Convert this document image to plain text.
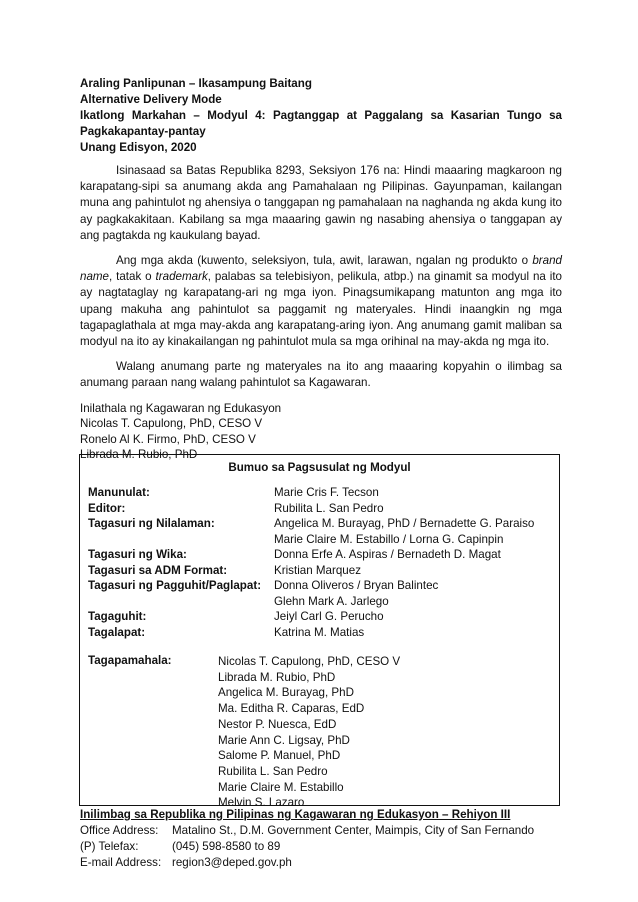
Araling Panlipunan – Ikasampung Baitang

Alternative Delivery Mode

Ikatlong Markahan – Modyul 4: Pagtanggap at Paggalang sa Kasarian Tungo sa

Pagkakapantay-pantay

Unang Edisyon, 2020

Isinasaad sa Batas Republika 8293, Seksiyon 176 na: Hindi maaaring magkaroon ng karapatang-sipi sa anumang akda ang Pamahalaan ng Pilipinas. Gayunpaman, kailangan muna ang pahintulot ng ahensiya o tanggapan ng pamahalaan na naghanda ng akda kung ito ay pagkakakitaan. Kabilang sa mga maaaring gawin ng nasabing ahensiya o tanggapan ay ang pagtakda ng kaukulang bayad.

Ang mga akda (kuwento, seleksiyon, tula, awit, larawan, ngalan ng produkto o brand name, tatak o trademark, palabas sa telebisiyon, pelikula, atbp.) na ginamit sa modyul na ito ay nagtataglay ng karapatang-ari ng mga iyon. Pinagsumikapang matunton ang mga ito upang makuha ang pahintulot sa paggamit ng materyales. Hindi inaangkin ng mga tagapaglathala at mga may-akda ang karapatang-aring iyon. Ang anumang gamit maliban sa modyul na ito ay kinakailangan ng pahintulot mula sa mga orihinal na may-akda ng mga ito.

Walang anumang parte ng materyales na ito ang maaaring kopyahin o ilimbag sa anumang paraan nang walang pahintulot sa Kagawaran.

Inilathala ng Kagawaran ng Edukasyon
Nicolas T. Capulong, PhD, CESO V
Ronelo Al K. Firmo, PhD, CESO V
Librada M. Rubio, PhD
Bumuo sa Pagsusulat ng Modyul
Manunulat:	Marie Cris F. Tecson
Editor:	Rubilita L. San Pedro
Tagasuri ng Nilalaman:	Angelica M. Burayag, PhD / Bernadette G. Paraiso
Marie Claire M. Estabillo / Lorna G. Capinpin
Tagasuri ng Wika:	Donna Erfe A. Aspiras / Bernadeth D. Magat
Tagasuri sa ADM Format:	Kristian Marquez
Tagasuri ng Pagguhit/Paglapat: Donna Oliveros / Bryan Balintec
Glehn Mark A. Jarlego
Tagaguhit:	Jeiyl Carl G. Perucho
Tagalapat:	Katrina M. Matias
Tagapamahala:	Nicolas T. Capulong, PhD, CESO V
Librada M. Rubio, PhD
Angelica M. Burayag, PhD
Ma. Editha R. Caparas, EdD
Nestor P. Nuesca, EdD
Marie Ann C. Ligsay, PhD
Salome P. Manuel, PhD
Rubilita L. San Pedro
Marie Claire M. Estabillo
Melvin S. Lazaro
Inilimbag sa Republika ng Pilipinas ng Kagawaran ng Edukasyon – Rehiyon III
Office Address: Matalino St., D.M. Government Center, Maimpis, City of San Fernando
(P) Telefax:	(045) 598-8580 to 89
E-mail Address: region3@deped.gov.ph
